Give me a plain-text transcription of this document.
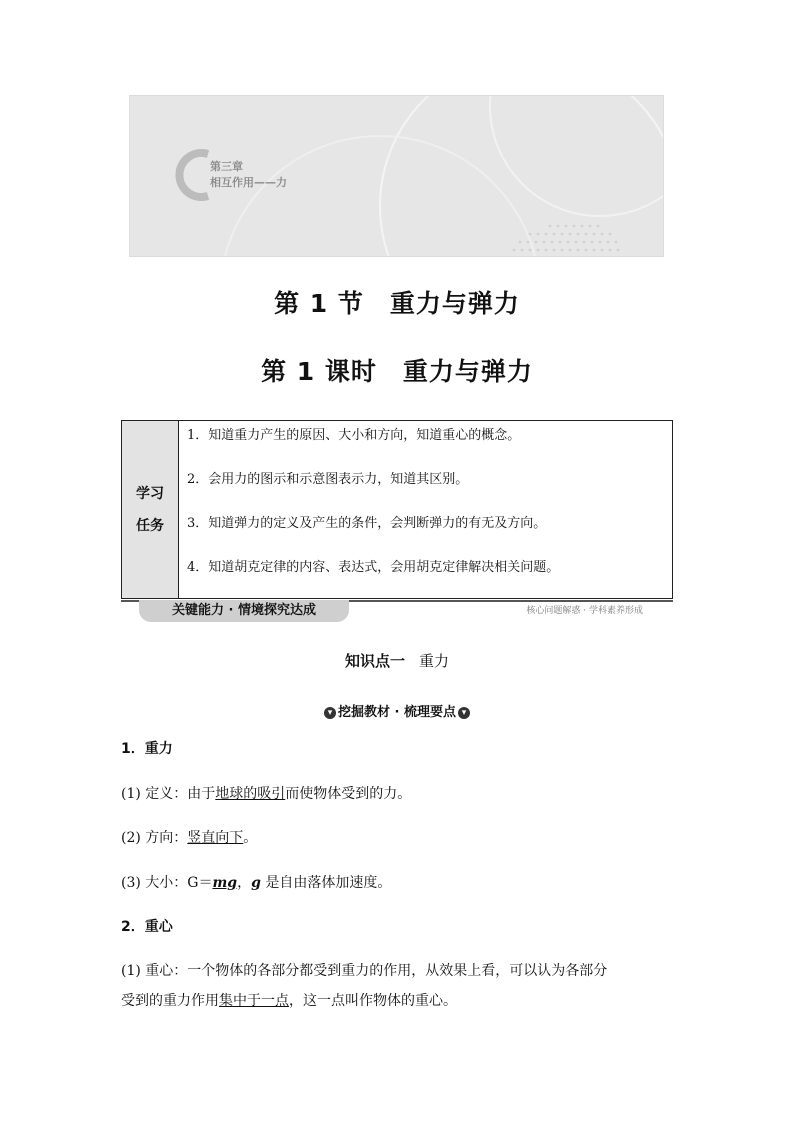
第三章
相互作用——力
第 1 节　重力与弹力
第 1 课时　重力与弹力
学习
任务
1．知道重力产生的原因、大小和方向，知道重心的概念。
2．会用力的图示和示意图表示力，知道其区别。
3．知道弹力的定义及产生的条件，会判断弹力的有无及方向。
4．知道胡克定律的内容、表达式，会用胡克定律解决相关问题。
关键能力 · 情境探究达成	核心问题解惑 · 学科素养形成
知识点一 重力
▾ 挖掘教材 · 梳理要点 ▾
1．重力
(1) 定义：由于地球的吸引而使物体受到的力。
(2) 方向：竖直向下。
(3) 大小：G＝mg，g 是自由落体加速度。
2．重心
(1) 重心：一个物体的各部分都受到重力的作用，从效果上看，可以认为各部分
受到的重力作用集中于一点，这一点叫作物体的重心。
